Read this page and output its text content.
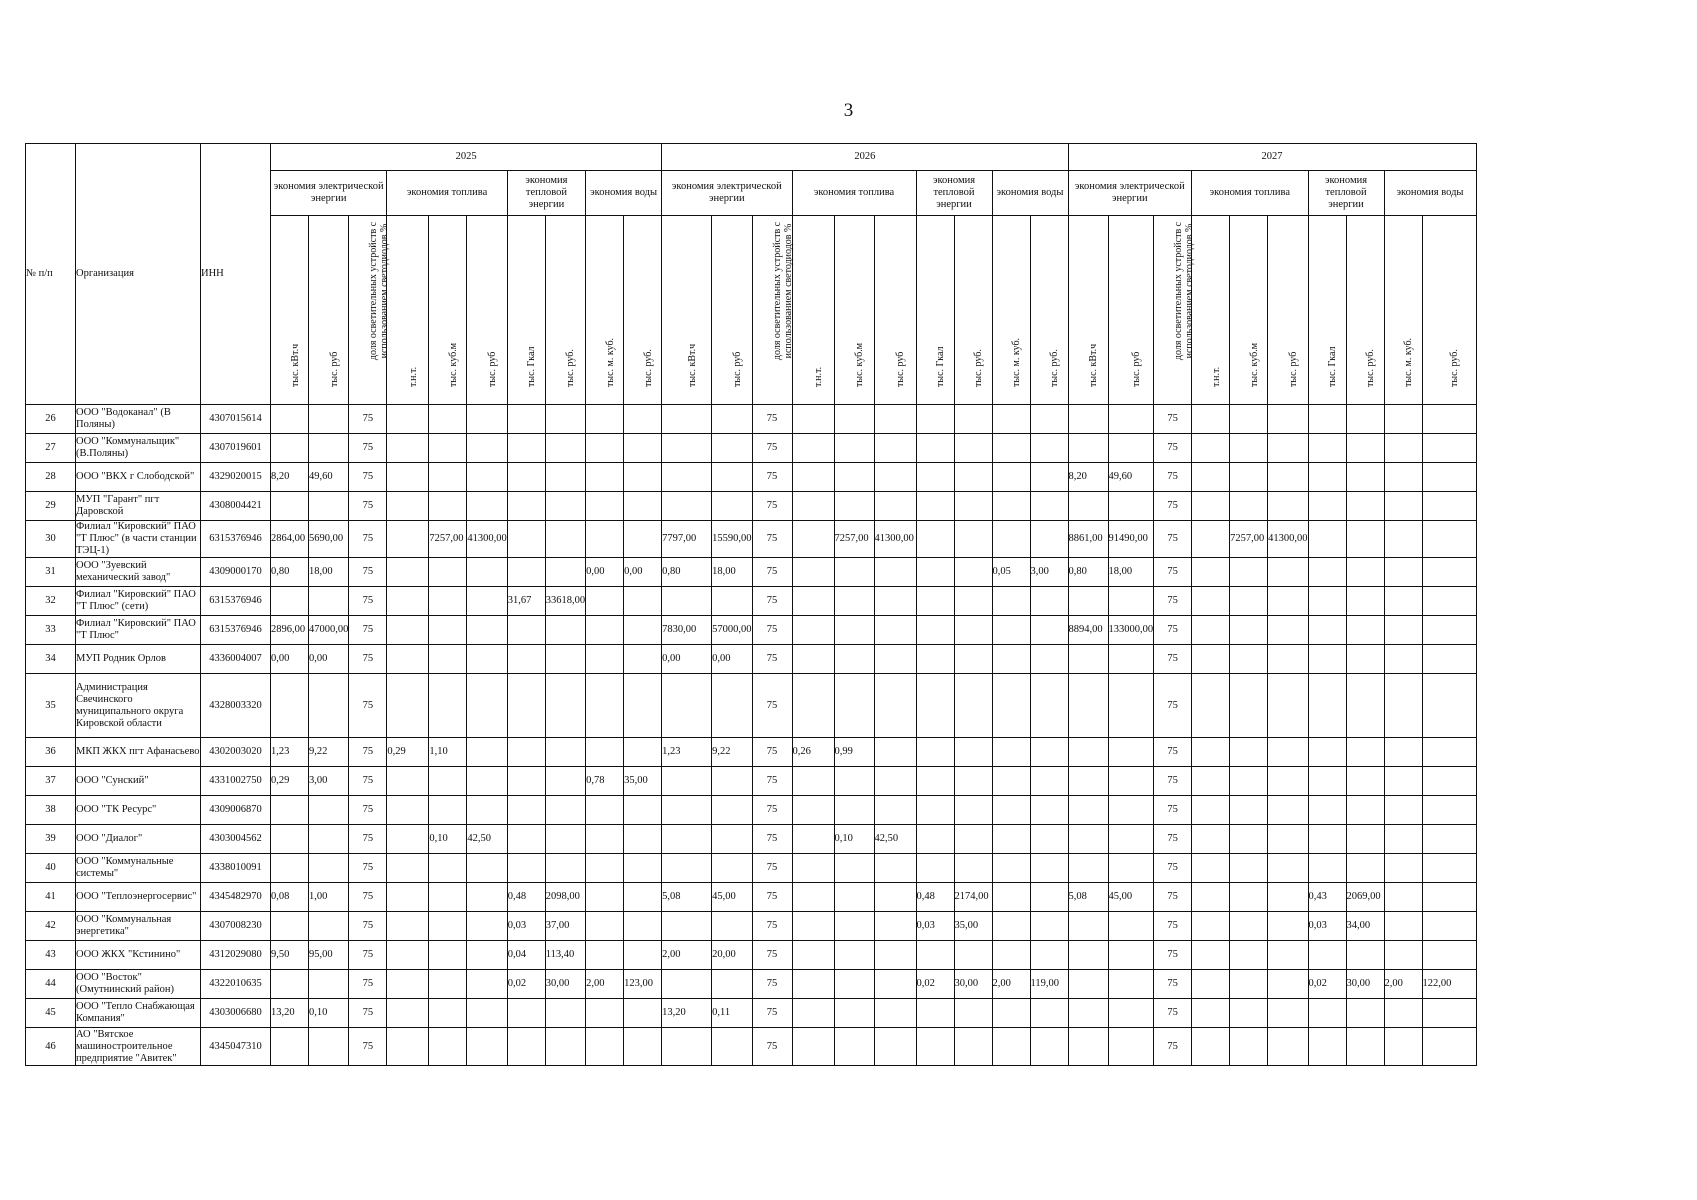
3
№ п/п	Организация	ИНН	2025										2026										2027									
			экономия электрической энергии			экономия топлива			экономия тепловой энергии		экономия воды		экономия электрической энергии			экономия топлива			экономия тепловой энергии		экономия воды		экономия электрической энергии			экономия топлива			экономия тепловой энергии		экономия воды	

			тыс. кВт.ч	тыс. руб	доля осветительных устройств с использованием светодиодов %	т.н.т.	тыс. куб.м	тыс. руб	тыс. Гкал	тыс. руб.	тыс. м. куб.	тыс. руб.	тыс. кВт.ч	тыс. руб	доля осветительных устройств с использованием светодиодов %	т.н.т.	тыс. куб.м	тыс. руб	тыс. Гкал	тыс. руб.	тыс. м. куб.	тыс. руб.	тыс. кВт.ч	тыс. руб	доля осветительных устройств с использованием светодиодов %	т.н.т.	тыс. куб.м	тыс. руб	тыс. Гкал	тыс. руб.	тыс. м. куб.	тыс. руб.

26	ООО "Водоканал" (В Поляны)	4307015614			75										75										75							
27	ООО "Коммунальщик" (В.Поляны)	4307019601			75										75										75							
28	ООО "ВКХ г Слободской"	4329020015	8,20	49,60	75										75								8,20	49,60	75							
29	МУП "Гарант" пгт Даровской	4308004421			75										75										75							
30	Филиал "Кировский" ПАО "Т Плюс" (в части станции ТЭЦ-1)	6315376946	2864,00	5690,00	75		7257,00	41300,00					7797,00	15590,00	75		7257,00	41300,00					8861,00	91490,00	75		7257,00	41300,00				
31	ООО "Зуевский механический завод"	4309000170	0,80	18,00	75						0,00	0,00	0,80	18,00	75						0,05	3,00	0,80	18,00	75							
32	Филиал "Кировский" ПАО "Т Плюс" (сети)	6315376946			75				31,67	33618,00					75										75							
33	Филиал "Кировский" ПАО "Т Плюс"	6315376946	2896,00	47000,00	75								7830,00	57000,00	75								8894,00	133000,00	75							
34	МУП Родник Орлов	4336004007	0,00	0,00	75								0,00	0,00	75										75							
35	Администрация Свечинского муниципального округа Кировской области	4328003320			75										75										75							
36	МКП ЖКХ пгт Афанасьево	4302003020	1,23	9,22	75	0,29	1,10						1,23	9,22	75	0,26	0,99								75							
37	ООО "Сунский"	4331002750	0,29	3,00	75						0,78	35,00			75										75							
38	ООО "ТК Ресурс"	4309006870			75										75										75							
39	ООО "Диалог"	4303004562			75		0,10	42,50							75		0,10	42,50							75							
40	ООО "Коммунальные системы"	4338010091			75										75										75							
41	ООО "Теплоэнергосервис"	4345482970	0,08	1,00	75				0,48	2098,00			5,08	45,00	75				0,48	2174,00			5,08	45,00	75				0,43	2069,00		
42	ООО "Коммунальная энергетика"	4307008230			75				0,03	37,00					75				0,03	35,00					75				0,03	34,00		
43	ООО ЖКХ "Кстинино"	4312029080	9,50	95,00	75				0,04	113,40			2,00	20,00	75										75							
44	ООО "Восток" (Омутнинский район)	4322010635			75				0,02	30,00	2,00	123,00			75				0,02	30,00	2,00	119,00			75				0,02	30,00	2,00	122,00
45	ООО "Тепло Снабжающая Компания"	4303006680	13,20	0,10	75								13,20	0,11	75										75							
46	АО "Вятское машиностроительное предприятие "Авитек"	4345047310			75										75										75							
